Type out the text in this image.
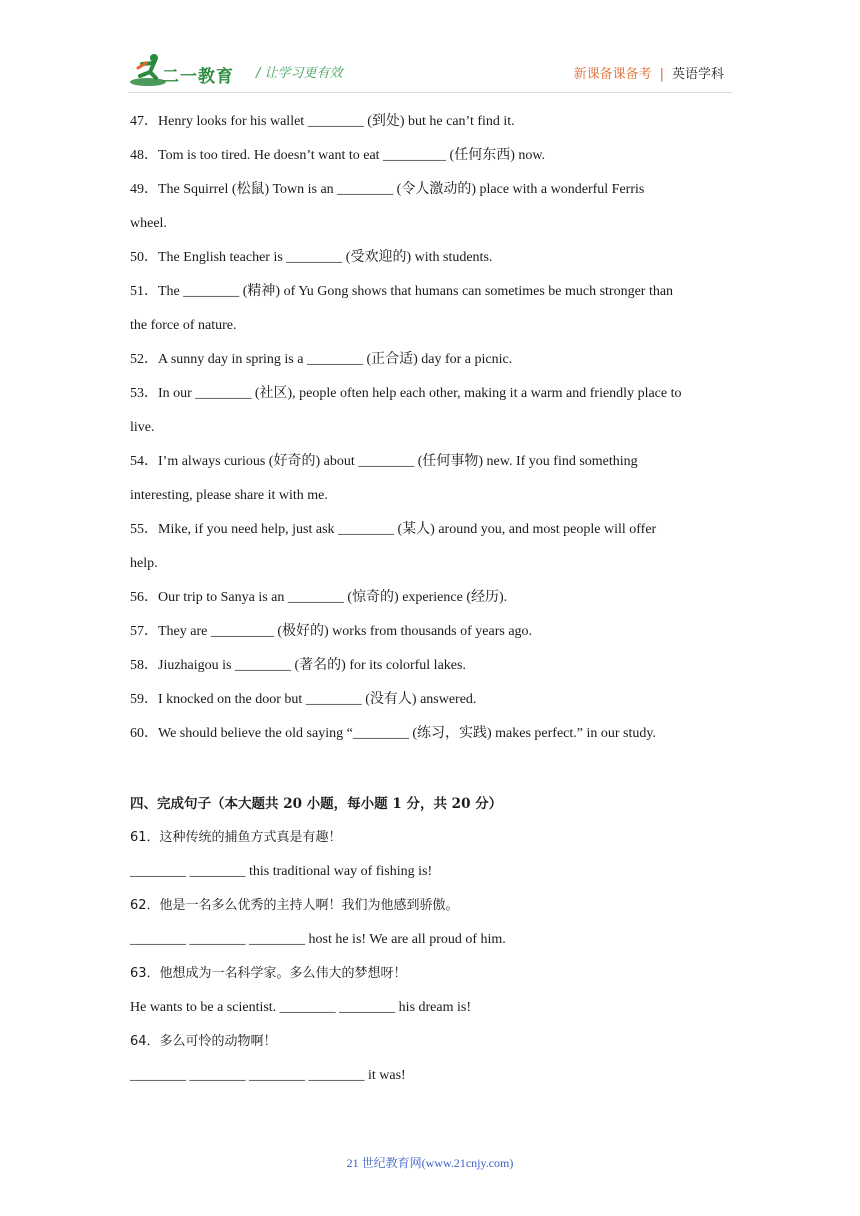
二一教育 / 让学习更有效	新课备课备考 | 英语学科
47．Henry looks for his wallet ________ (到处) but he can’t find it.
48．Tom is too tired. He doesn’t want to eat _________ (任何东西) now.
49．The Squirrel (松鼠) Town is an ________ (令人激动的) place with a wonderful Ferris
wheel.
50．The English teacher is ________ (受欢迎的) with students.
51．The ________ (精神) of Yu Gong shows that humans can sometimes be much stronger than
the force of nature.
52．A sunny day in spring is a ________ (正合适) day for a picnic.
53．In our ________ (社区), people often help each other, making it a warm and friendly place to
live.
54．I’m always curious (好奇的) about ________ (任何事物) new. If you find something
interesting, please share it with me.
55．Mike, if you need help, just ask ________ (某人) around you, and most people will offer
help.
56．Our trip to Sanya is an ________ (惊奇的) experience (经历).
57．They are _________ (极好的) works from thousands of years ago.
58．Jiuzhaigou is ________ (著名的) for its colorful lakes.
59．I knocked on the door but ________ (没有人) answered.
60．We should believe the old saying “________ (练习，实践) makes perfect.” in our study.
四、完成句子（本大题共 20 小题，每小题 1 分，共 20 分）
61．这种传统的捕鱼方式真是有趣！
________ ________ this traditional way of fishing is!
62．他是一名多么优秀的主持人啊！我们为他感到骄傲。
________ ________ ________ host he is! We are all proud of him.
63．他想成为一名科学家。多么伟大的梦想呀！
He wants to be a scientist. ________ ________ his dream is!
64．多么可怜的动物啊！
________ ________ ________ ________ it was!
21 世纪教育网(www.21cnjy.com)
